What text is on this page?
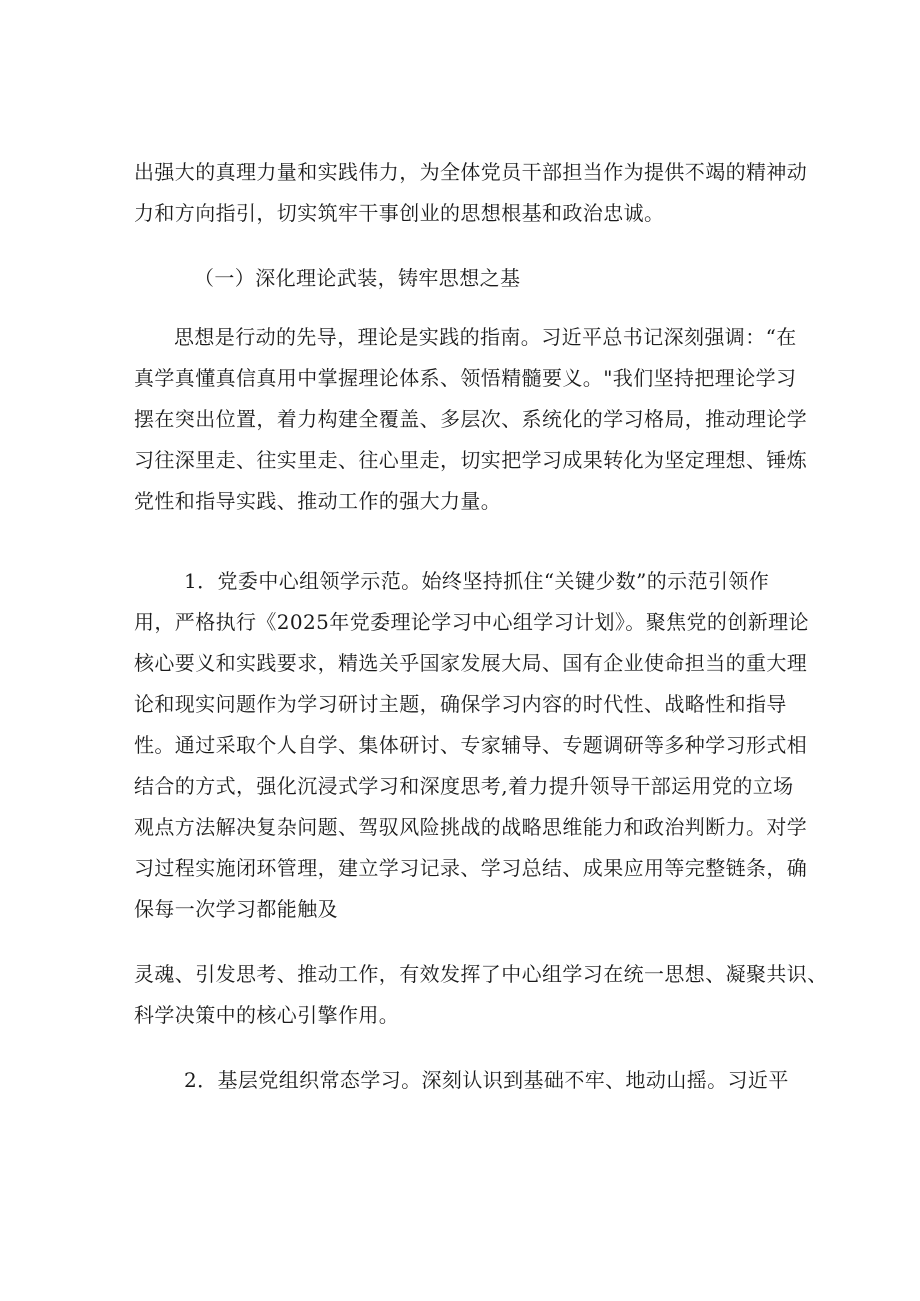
出强大的真理力量和实践伟力，为全体党员干部担当作为提供不竭的精神动
力和方向指引，切实筑牢干事创业的思想根基和政治忠诚。
（一）深化理论武装，铸牢思想之基
思想是行动的先导，理论是实践的指南。习近平总书记深刻强调：“在
真学真懂真信真用中掌握理论体系、领悟精髓要义。"我们坚持把理论学习
摆在突出位置，着力构建全覆盖、多层次、系统化的学习格局，推动理论学
习往深里走、往实里走、往心里走，切实把学习成果转化为坚定理想、锤炼
党性和指导实践、推动工作的强大力量。
1．党委中心组领学示范。始终坚持抓住“关键少数”的示范引领作
用，严格执行《2025年党委理论学习中心组学习计划》。聚焦党的创新理论
核心要义和实践要求，精选关乎国家发展大局、国有企业使命担当的重大理
论和现实问题作为学习研讨主题，确保学习内容的时代性、战略性和指导
性。通过采取个人自学、集体研讨、专家辅导、专题调研等多种学习形式相
结合的方式，强化沉浸式学习和深度思考,着力提升领导干部运用党的立场
观点方法解决复杂问题、驾驭风险挑战的战略思维能力和政治判断力。对学
习过程实施闭环管理，建立学习记录、学习总结、成果应用等完整链条，确
保每一次学习都能触及
灵魂、引发思考、推动工作，有效发挥了中心组学习在统一思想、凝聚共识、
科学决策中的核心引擎作用。
2．基层党组织常态学习。深刻认识到基础不牢、地动山摇。习近平
